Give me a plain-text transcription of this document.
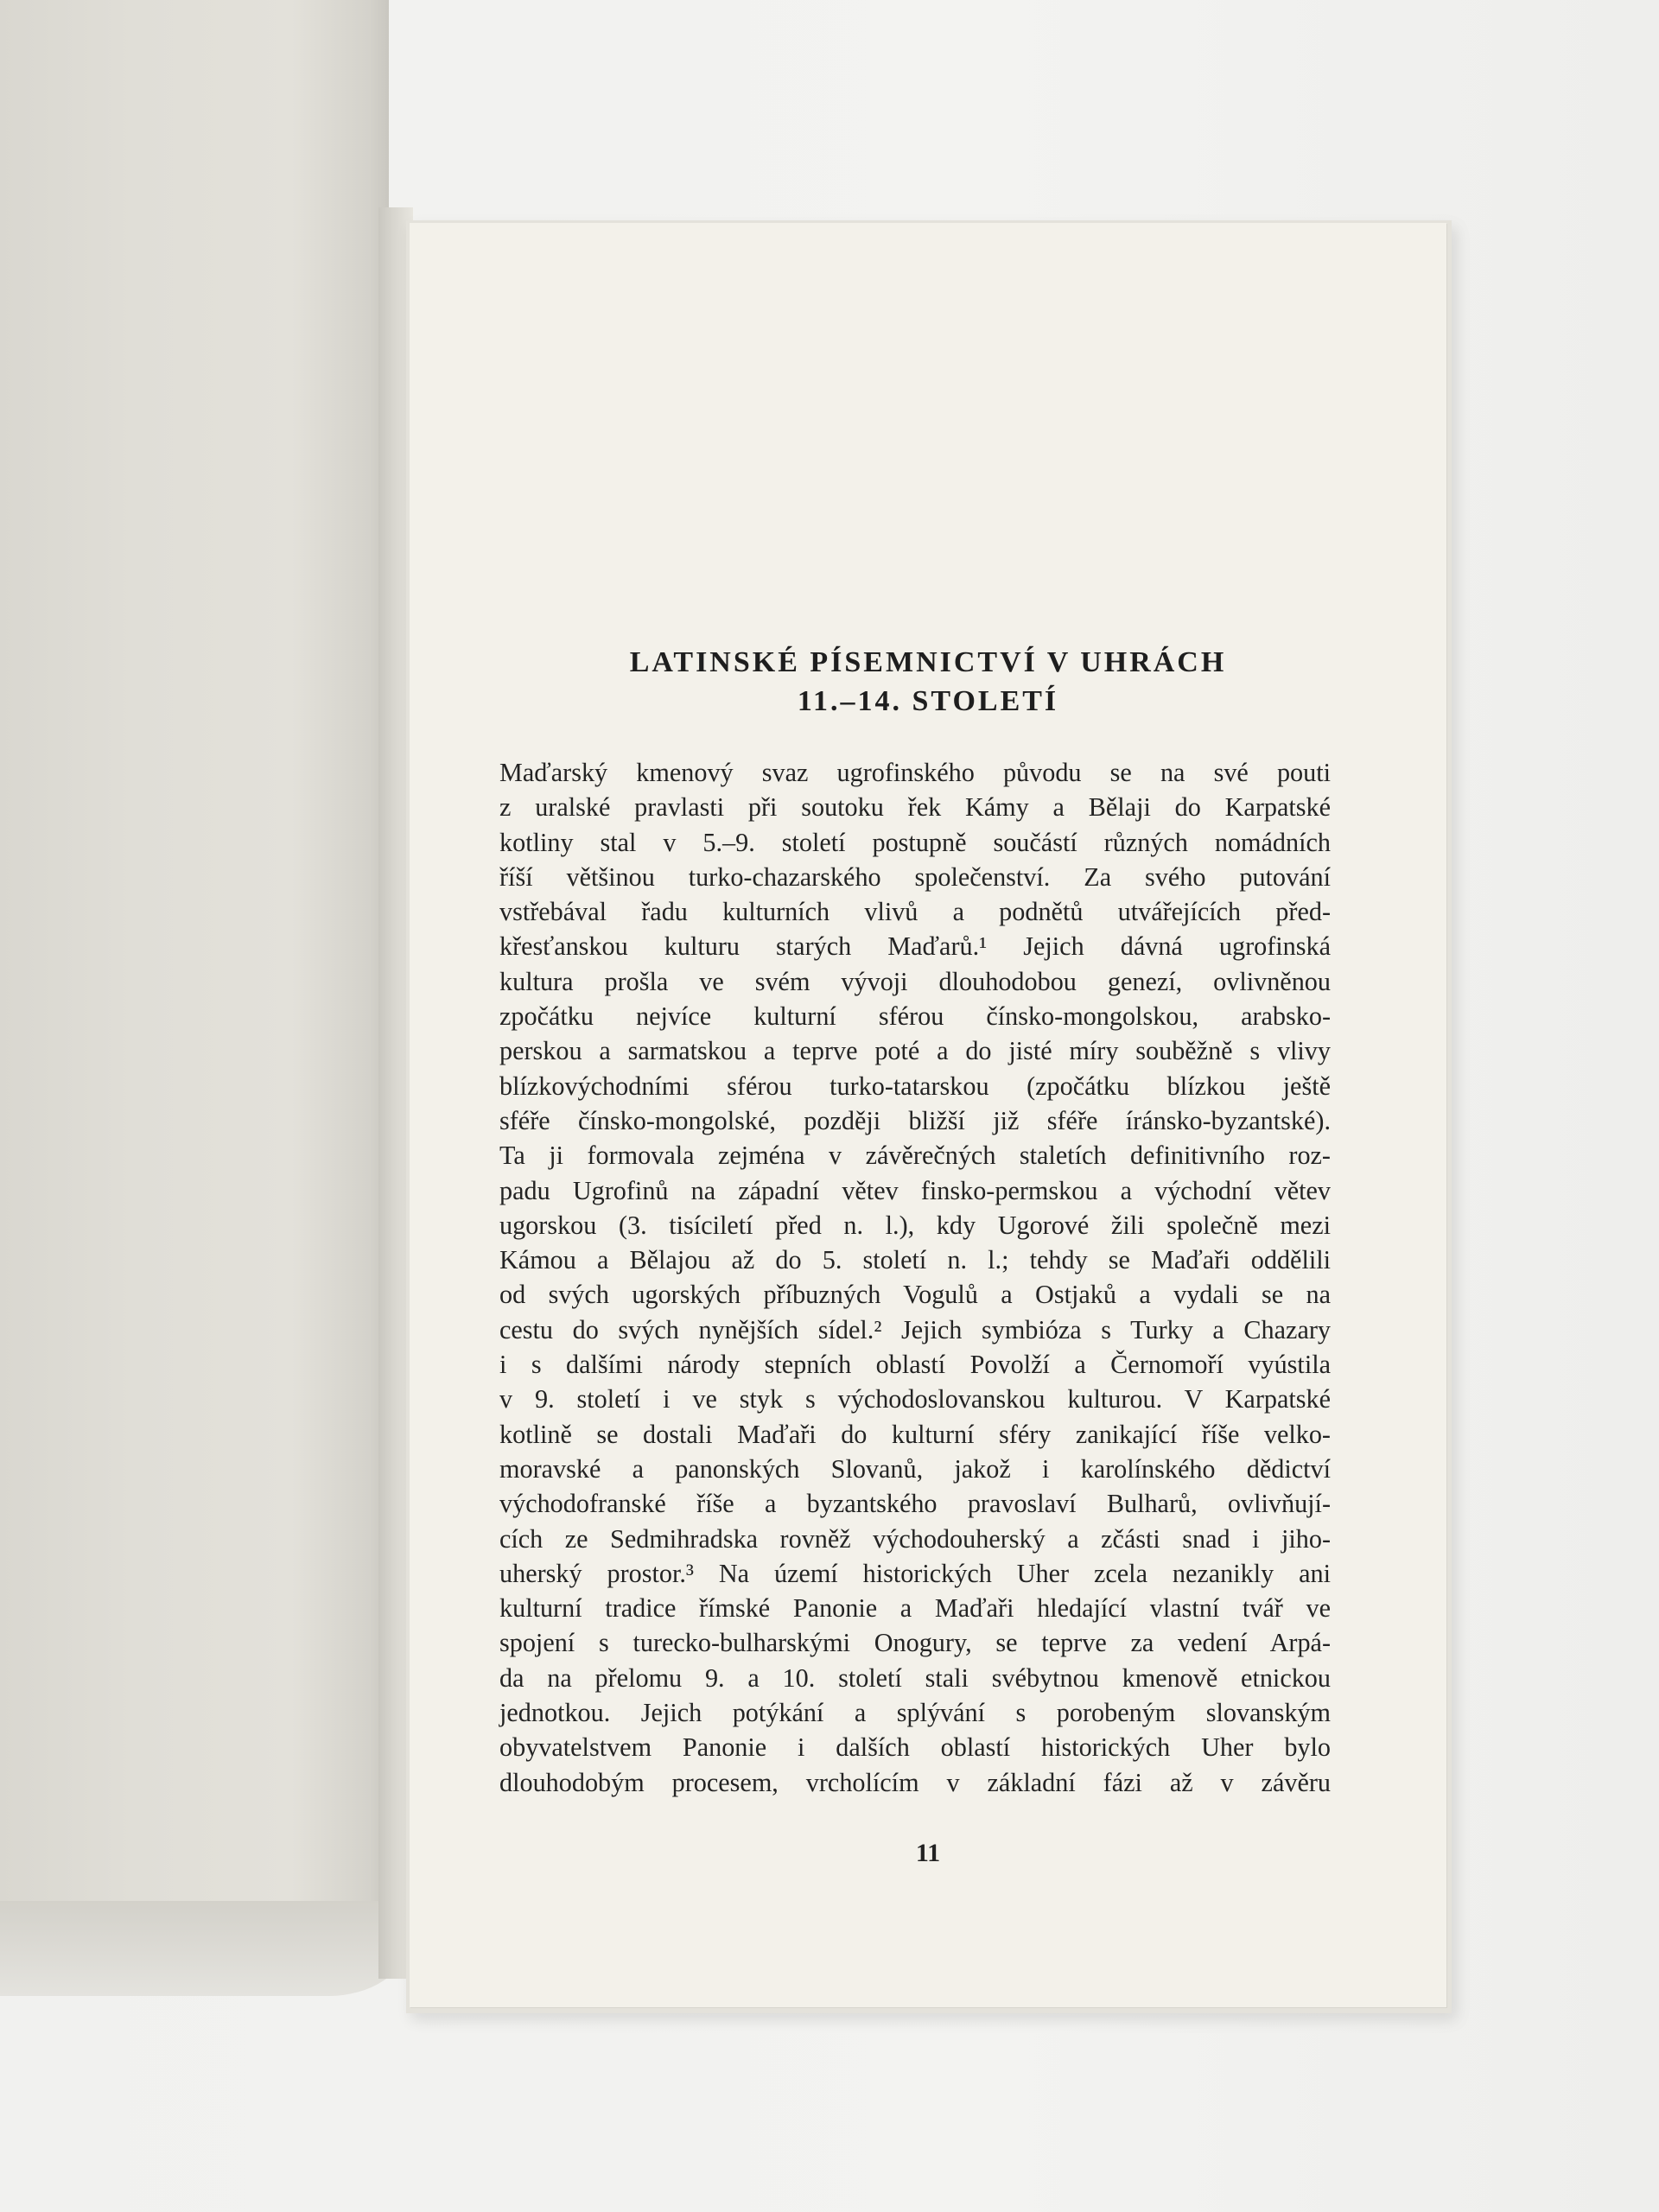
LATINSKÉ PÍSEMNICTVÍ V UHRÁCH
11.–14. STOLETÍ
Maďarský kmenový svaz ugrofinského původu se na své pouti
z uralské pravlasti při soutoku řek Kámy a Bělaji do Karpatské
kotliny stal v 5.–9. století postupně součástí různých nomádních
říší většinou turko-chazarského společenství. Za svého putování
vstřebával řadu kulturních vlivů a podnětů utvářejících před-
křesťanskou kulturu starých Maďarů.¹ Jejich dávná ugrofinská
kultura prošla ve svém vývoji dlouhodobou genezí, ovlivněnou
zpočátku nejvíce kulturní sférou čínsko-mongolskou, arabsko-
perskou a sarmatskou a teprve poté a do jisté míry souběžně s vlivy
blízkovýchodními sférou turko-tatarskou (zpočátku blízkou ještě
sféře čínsko-mongolské, později bližší již sféře íránsko-byzantské).
Ta ji formovala zejména v závěrečných staletích definitivního roz-
padu Ugrofinů na západní větev finsko-permskou a východní větev
ugorskou (3. tisíciletí před n. l.), kdy Ugorové žili společně mezi
Kámou a Bělajou až do 5. století n. l.; tehdy se Maďaři oddělili
od svých ugorských příbuzných Vogulů a Ostjaků a vydali se na
cestu do svých nynějších sídel.² Jejich symbióza s Turky a Chazary
i s dalšími národy stepních oblastí Povolží a Černomoří vyústila
v 9. století i ve styk s východoslovanskou kulturou. V Karpatské
kotlině se dostali Maďaři do kulturní sféry zanikající říše velko-
moravské a panonských Slovanů, jakož i karolínského dědictví
východofranské říše a byzantského pravoslaví Bulharů, ovlivňují-
cích ze Sedmihradska rovněž východouherský a zčásti snad i jiho-
uherský prostor.³ Na území historických Uher zcela nezanikly ani
kulturní tradice římské Panonie a Maďaři hledající vlastní tvář ve
spojení s turecko-bulharskými Onogury, se teprve za vedení Arpá-
da na přelomu 9. a 10. století stali svébytnou kmenově etnickou
jednotkou. Jejich potýkání a splývání s porobeným slovanským
obyvatelstvem Panonie i dalších oblastí historických Uher bylo
dlouhodobým procesem, vrcholícím v základní fázi až v závěru
11
